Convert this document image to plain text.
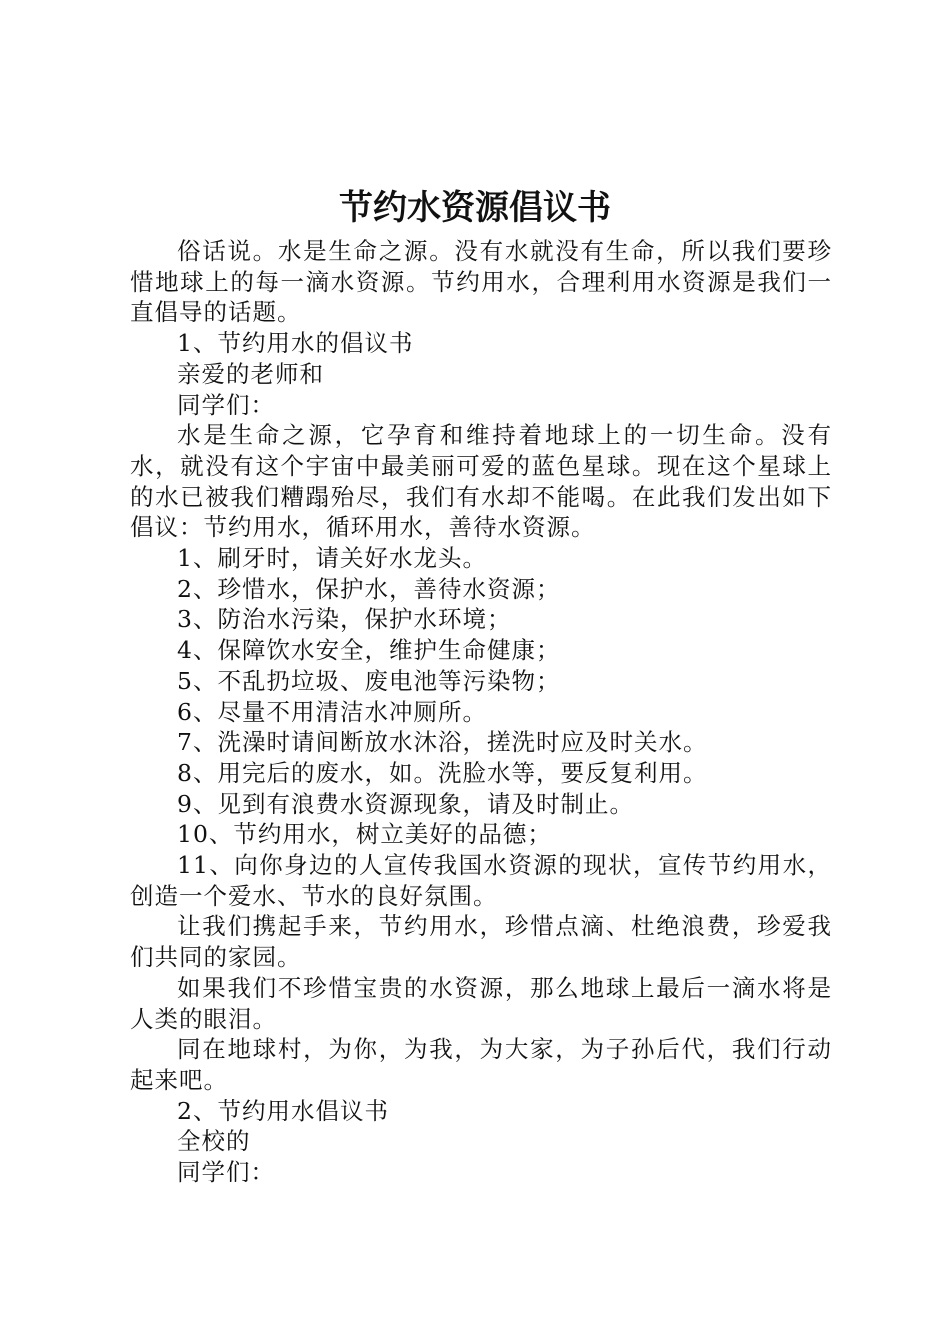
节约水资源倡议书

俗话说。水是生命之源。没有水就没有生命，所以我们要珍惜地球上的每一滴水资源。节约用水，合理利用水资源是我们一直倡导的话题。

1、节约用水的倡议书

亲爱的老师和

同学们：

水是生命之源，它孕育和维持着地球上的一切生命。没有水，就没有这个宇宙中最美丽可爱的蓝色星球。现在这个星球上的水已被我们糟蹋殆尽，我们有水却不能喝。在此我们发出如下倡议：节约用水，循环用水，善待水资源。

1、刷牙时，请关好水龙头。

2、珍惜水，保护水，善待水资源；

3、防治水污染，保护水环境；

4、保障饮水安全，维护生命健康；

5、不乱扔垃圾、废电池等污染物；

6、尽量不用清洁水冲厕所。

7、洗澡时请间断放水沐浴，搓洗时应及时关水。

8、用完后的废水，如。洗脸水等，要反复利用。

9、见到有浪费水资源现象，请及时制止。

10、节约用水，树立美好的品德；

11、向你身边的人宣传我国水资源的现状，宣传节约用水，创造一个爱水、节水的良好氛围。

让我们携起手来，节约用水，珍惜点滴、杜绝浪费，珍爱我们共同的家园。

如果我们不珍惜宝贵的水资源，那么地球上最后一滴水将是人类的眼泪。

同在地球村，为你，为我，为大家，为子孙后代，我们行动起来吧。

2、节约用水倡议书

全校的

同学们：
